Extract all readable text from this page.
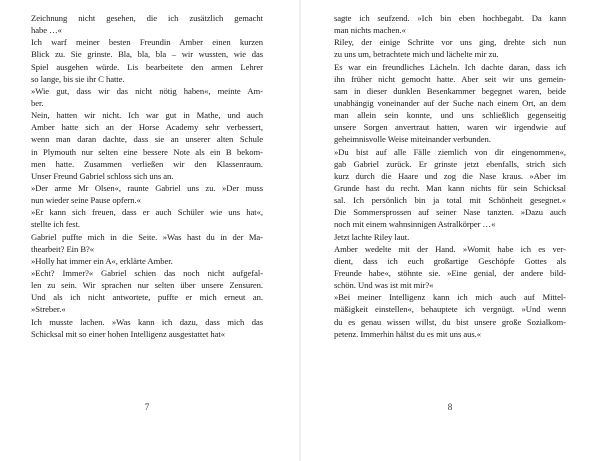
Zeichnung nicht gesehen, die ich zusätzlich gemacht
habe …«
Ich warf meiner besten Freundin Amber einen kurzen
Blick zu. Sie grinste. Bla, bla, bla – wir wussten, wie das
Spiel ausgehen würde. Lis bearbeitete den armen Lehrer
so lange, bis sie ihr C hatte.
»Wie gut, dass wir das nicht nötig haben«, meinte Am-
ber.
Nein, hatten wir nicht. Ich war gut in Mathe, und auch
Amber hatte sich an der Horse Academy sehr verbessert,
wenn man daran dachte, dass sie an unserer alten Schule
in Plymouth nur selten eine bessere Note als ein B bekom-
men hatte. Zusammen verließen wir den Klassenraum.
Unser Freund Gabriel schloss sich uns an.
»Der arme Mr Olsen«, raunte Gabriel uns zu. »Der muss
nun wieder seine Pause opfern.«
»Er kann sich freuen, dass er auch Schüler wie uns hat«,
stellte ich fest.
Gabriel puffte mich in die Seite. »Was hast du in der Ma-
thearbeit? Ein B?«
»Holly hat immer ein A«, erklärte Amber.
»Echt? Immer?« Gabriel schien das noch nicht aufgefal-
len zu sein. Wir sprachen nur selten über unsere Zensuren.
Und als ich nicht antwortete, puffte er mich erneut an.
»Streber.«
Ich musste lachen. »Was kann ich dazu, dass mich das
Schicksal mit so einer hohen Intelligenz ausgestattet hat«
7
sagte ich seufzend. »Ich bin eben hochbegabt. Da kann
man nichts machen.«
Riley, der einige Schritte vor uns ging, drehte sich nun
zu uns um, betrachtete mich und lächelte mir zu.
Es war ein freundliches Lächeln. Ich dachte daran, dass ich
ihn früher nicht gemocht hatte. Aber seit wir uns gemein-
sam in dieser dunklen Besenkammer begegnet waren, beide
unabhängig voneinander auf der Suche nach einem Ort, an dem
man allein sein konnte, und uns schließlich gegenseitig
unsere Sorgen anvertraut hatten, waren wir irgendwie auf
geheimnisvolle Weise miteinander verbunden.
»Du bist auf alle Fälle ziemlich von dir eingenommen«,
gab Gabriel zurück. Er grinste jetzt ebenfalls, strich sich
kurz durch die Haare und zog die Nase kraus. »Aber im
Grunde hast du recht. Man kann nichts für sein Schicksal
sal. Ich persönlich bin ja total mit Schönheit gesegnet.«
Die Sommersprossen auf seiner Nase tanzten. »Dazu auch
noch mit einem wahnsinnigen Astralkörper …«
Jetzt lachte Riley laut.
Amber wedelte mit der Hand. »Womit habe ich es ver-
dient, dass ich euch großartige Geschöpfe Gottes als
Freunde habe«, stöhnte sie. »Eine genial, der andere bild-
schön. Und was ist mit mir?«
»Bei meiner Intelligenz kann ich mich auch auf Mittel-
mäßigkeit einstellen«, behauptete ich vergnügt. »Und wenn
du es genau wissen willst, du bist unsere große Sozialkom-
petenz. Immerhin hältst du es mit uns aus.«
8
